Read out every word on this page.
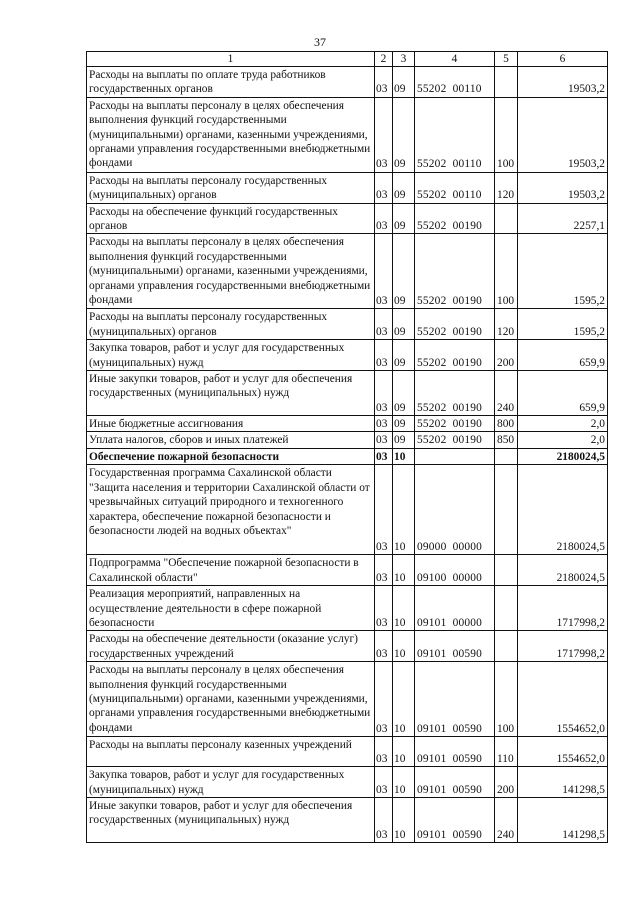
37
1	2	3	4	5	6
Расходы на выплаты по оплате труда работников государственных органов	03	09	55202  00110		19503,2
Расходы на выплаты персоналу в целях обеспечения выполнения функций государственными (муниципальными) органами, казенными учреждениями, органами управления государственными внебюджетными фондами	03	09	55202  00110	100	19503,2
Расходы на выплаты персоналу государственных (муниципальных) органов	03	09	55202  00110	120	19503,2
Расходы на обеспечение функций государственных органов	03	09	55202  00190		2257,1
Расходы на выплаты персоналу в целях обеспечения выполнения функций государственными (муниципальными) органами, казенными учреждениями, органами управления государственными внебюджетными фондами	03	09	55202  00190	100	1595,2
Расходы на выплаты персоналу государственных (муниципальных) органов	03	09	55202  00190	120	1595,2
Закупка товаров, работ и услуг для государственных (муниципальных) нужд	03	09	55202  00190	200	659,9
Иные закупки товаров, работ и услуг для обеспечения государственных (муниципальных) нужд	03	09	55202  00190	240	659,9
Иные бюджетные ассигнования	03	09	55202  00190	800	2,0
Уплата налогов, сборов и иных платежей	03	09	55202  00190	850	2,0
Обеспечение пожарной безопасности	03	10			2180024,5
Государственная программа Сахалинской области "Защита населения и территории Сахалинской области от чрезвычайных ситуаций природного и техногенного характера, обеспечение пожарной безопасности и безопасности людей на водных объектах"	03	10	09000  00000		2180024,5
Подпрограмма "Обеспечение пожарной безопасности в Сахалинской области"	03	10	09100  00000		2180024,5
Реализация мероприятий, направленных на осуществление деятельности в сфере пожарной безопасности	03	10	09101  00000		1717998,2
Расходы на обеспечение деятельности (оказание услуг) государственных учреждений	03	10	09101  00590		1717998,2
Расходы на выплаты персоналу в целях обеспечения выполнения функций государственными (муниципальными) органами, казенными учреждениями, органами управления государственными внебюджетными фондами	03	10	09101  00590	100	1554652,0
Расходы на выплаты персоналу казенных учреждений	03	10	09101  00590	110	1554652,0
Закупка товаров, работ и услуг для государственных (муниципальных) нужд	03	10	09101  00590	200	141298,5
Иные закупки товаров, работ и услуг для обеспечения государственных (муниципальных) нужд	03	10	09101  00590	240	141298,5
